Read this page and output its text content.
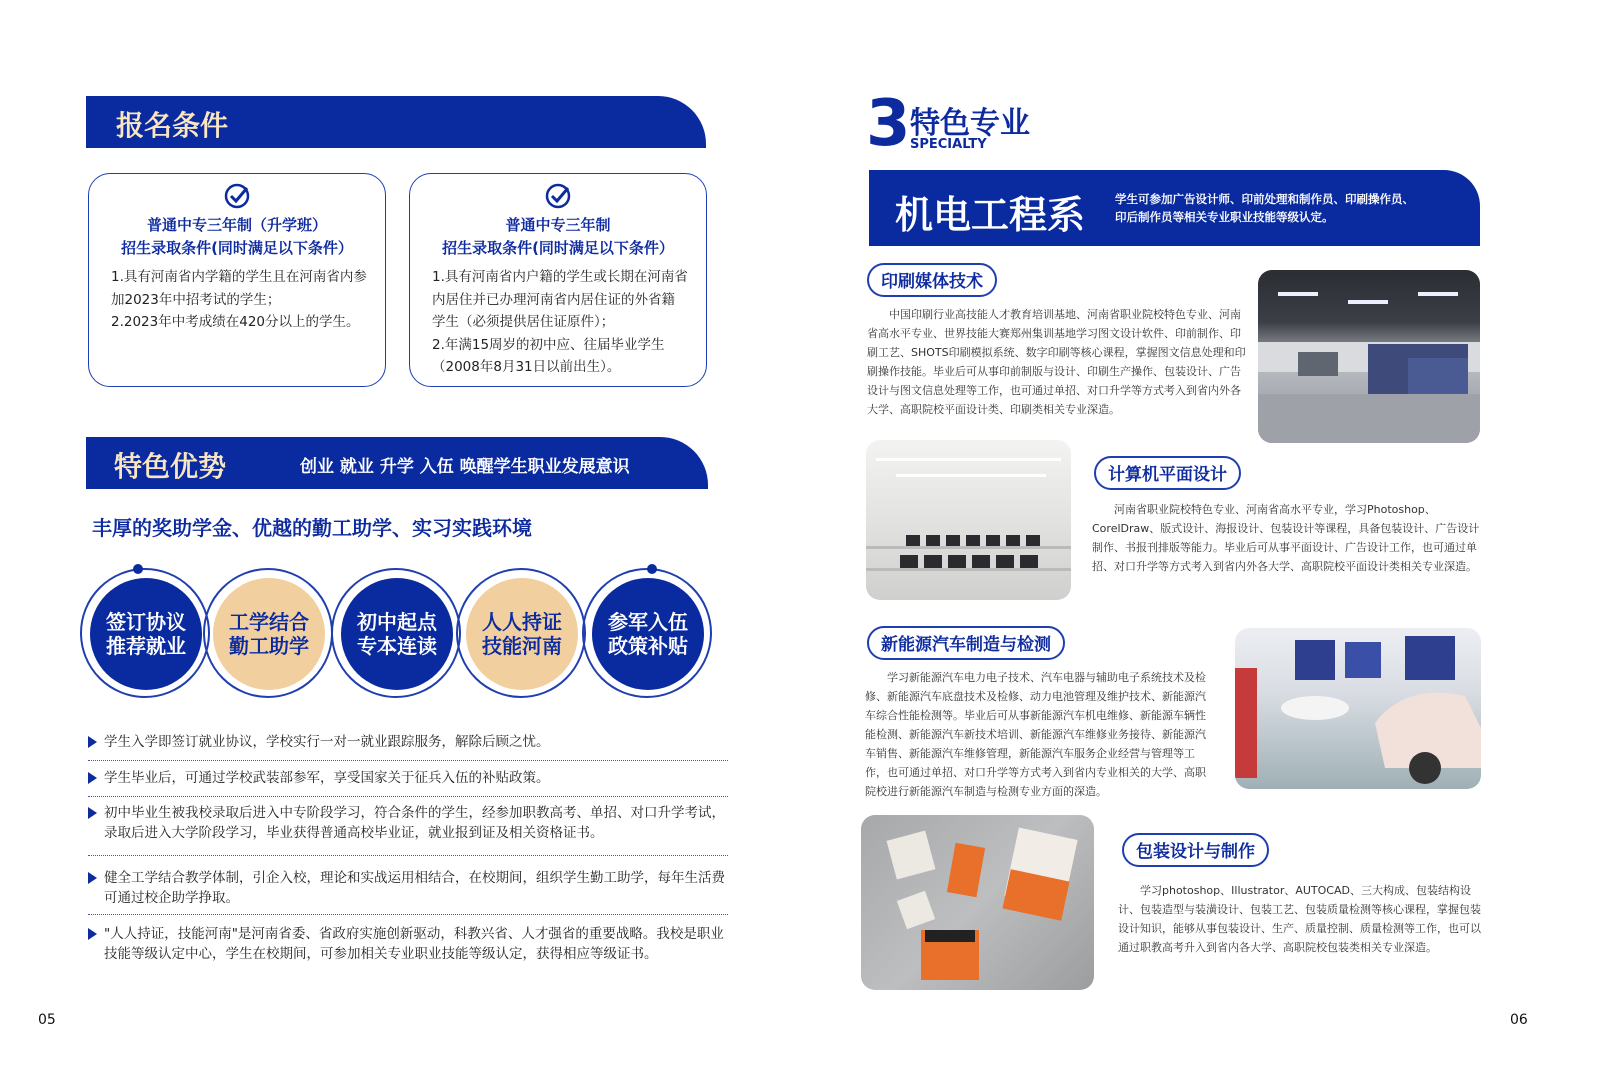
报名条件
普通中专三年制（升学班）
招生录取条件(同时满足以下条件）
1.具有河南省内学籍的学生且在河南省内参加2023年中招考试的学生；
2.2023年中考成绩在420分以上的学生。
普通中专三年制
招生录取条件(同时满足以下条件）
1.具有河南省内户籍的学生或长期在河南省内居住并已办理河南省内居住证的外省籍学生（必须提供居住证原件）；
2.年满15周岁的初中应、往届毕业学生（2008年8月31日以前出生）。
特色优势	创业 就业 升学 入伍 唤醒学生职业发展意识
丰厚的奖助学金、优越的勤工助学、实习实践环境
签订协议
推荐就业
工学结合
勤工助学
初中起点
专本连读
人人持证
技能河南
参军入伍
政策补贴
学生入学即签订就业协议，学校实行一对一就业跟踪服务，解除后顾之忧。
学生毕业后，可通过学校武装部参军，享受国家关于征兵入伍的补贴政策。
初中毕业生被我校录取后进入中专阶段学习，符合条件的学生，经参加职教高考、单招、对口升学考试，录取后进入大学阶段学习，毕业获得普通高校毕业证，就业报到证及相关资格证书。
健全工学结合教学体制，引企入校，理论和实战运用相结合，在校期间，组织学生勤工助学，每年生活费可通过校企助学挣取。
"人人持证，技能河南"是河南省委、省政府实施创新驱动，科教兴省、人才强省的重要战略。我校是职业技能等级认定中心，学生在校期间，可参加相关专业职业技能等级认定，获得相应等级证书。
05
3 特色专业
SPECIALTY
机电工程系	学生可参加广告设计师、印前处理和制作员、印刷操作员、
印后制作员等相关专业职业技能等级认定。
印刷媒体技术
中国印刷行业高技能人才教育培训基地、河南省职业院校特色专业、河南省高水平专业、世界技能大赛郑州集训基地学习图文设计软件、印前制作、印刷工艺、SHOTS印刷模拟系统、数字印刷等核心课程，掌握图文信息处理和印刷操作技能。毕业后可从事印前制版与设计、印刷生产操作、包装设计、广告设计与图文信息处理等工作，也可通过单招、对口升学等方式考入到省内外各大学、高职院校平面设计类、印刷类相关专业深造。
计算机平面设计
河南省职业院校特色专业、河南省高水平专业，学习Photoshop、CorelDraw、版式设计、海报设计、包装设计等课程，具备包装设计、广告设计制作、书报刊排版等能力。毕业后可从事平面设计、广告设计工作，也可通过单招、对口升学等方式考入到省内外各大学、高职院校平面设计类相关专业深造。
新能源汽车制造与检测
学习新能源汽车电力电子技术、汽车电器与辅助电子系统技术及检修、新能源汽车底盘技术及检修、动力电池管理及维护技术、新能源汽车综合性能检测等。毕业后可从事新能源汽车机电维修、新能源车辆性能检测、新能源汽车新技术培训、新能源汽车维修业务接待、新能源汽车销售、新能源汽车维修管理，新能源汽车服务企业经营与管理等工作，也可通过单招、对口升学等方式考入到省内专业相关的大学、高职院校进行新能源汽车制造与检测专业方面的深造。
包装设计与制作
学习photoshop、Illustrator、AUTOCAD、三大构成、包装结构设计、包装造型与装潢设计、包装工艺、包装质量检测等核心课程，掌握包装设计知识，能够从事包装设计、生产、质量控制、质量检测等工作，也可以通过职教高考升入到省内各大学、高职院校包装类相关专业深造。
06
